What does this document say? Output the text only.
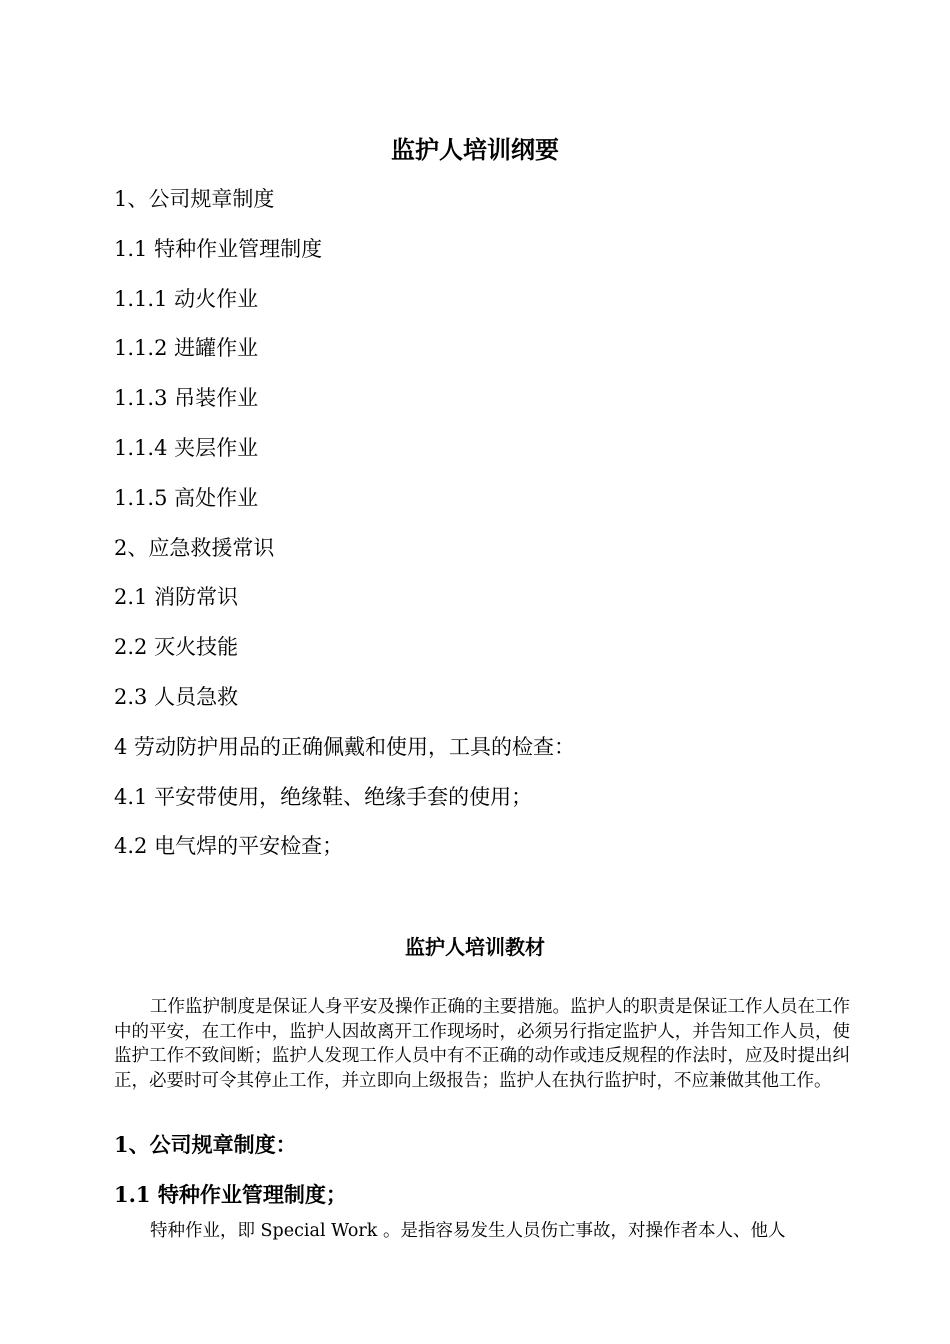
监护人培训纲要
1、公司规章制度
1.1 特种作业管理制度
1.1.1 动火作业
1.1.2 进罐作业
1.1.3 吊装作业
1.1.4 夹层作业
1.1.5 高处作业
2、应急救援常识
2.1 消防常识
2.2 灭火技能
2.3 人员急救
4 劳动防护用品的正确佩戴和使用，工具的检查：
4.1 平安带使用，绝缘鞋、绝缘手套的使用；
4.2 电气焊的平安检查；
监护人培训教材

工作监护制度是保证人身平安及操作正确的主要措施。监护人的职责是保证工作人员在工作中的平安，在工作中，监护人因故离开工作现场时，必须另行指定监护人，并告知工作人员，使监护工作不致间断；监护人发现工作人员中有不正确的动作或违反规程的作法时，应及时提出纠正，必要时可令其停止工作，并立即向上级报告；监护人在执行监护时，不应兼做其他工作。

1、公司规章制度：
1.1 特种作业管理制度；

特种作业，即 Special Work 。是指容易发生人员伤亡事故，对操作者本人、他人
